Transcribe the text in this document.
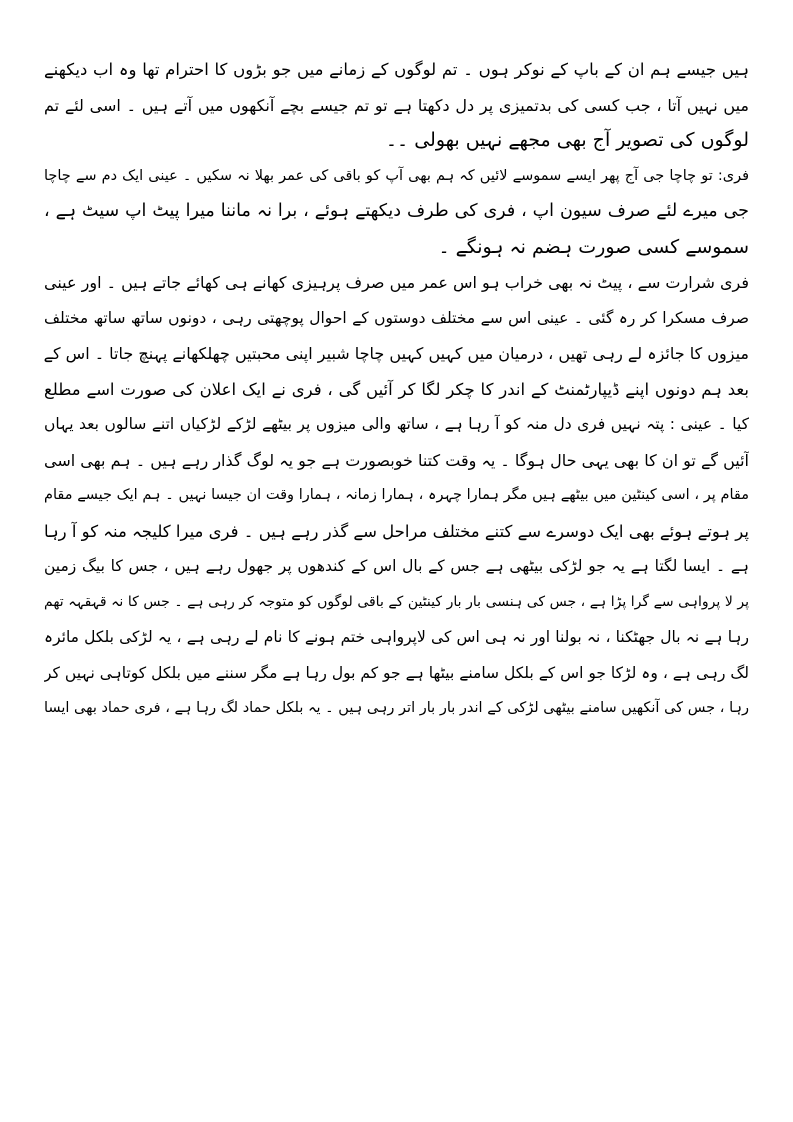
ہیں جیسے ہم ان کے باپ کے نوکر ہوں ۔ تم لوگوں کے زمانے میں جو بڑوں کا احترام تھا وہ اب دیکھنے
میں نہیں آتا ، جب کسی کی بدتمیزی پر دل دکھتا ہے تو تم جیسے بچے آنکھوں میں آتے ہیں ۔ اسی لئے تم
لوگوں کی تصویر آج بھی مجھے نہیں بھولی ۔۔
فری: تو چاچا جی آج پھر ایسے سموسے لائیں کہ ہم بھی آپ کو باقی کی عمر بھلا نہ سکیں ۔ عینی ایک دم سے چاچا
جی میرے لئے صرف سیون اپ ، فری کی طرف دیکھتے ہوئے ، برا نہ ماننا میرا پیٹ اپ سیٹ ہے ،
سموسے کسی صورت ہضم نہ ہونگے ۔
فری شرارت سے ، پیٹ نہ بھی خراب ہو اس عمر میں صرف پرہیزی کھانے ہی کھائے جاتے ہیں ۔ اور عینی
صرف مسکرا کر رہ گئی ۔ عینی اس سے مختلف دوستوں کے احوال پوچھتی رہی ، دونوں ساتھ ساتھ مختلف
میزوں کا جائزہ لے رہی تھیں ، درمیان میں کہیں کہیں چاچا شبیر اپنی محبتیں چھلکھانے پہنچ جاتا ۔ اس کے
بعد ہم دونوں اپنے ڈیپارٹمنٹ کے اندر کا چکر لگا کر آئیں گی ، فری نے ایک اعلان کی صورت اسے مطلع
کیا ۔ عینی : پتہ نہیں فری دل منہ کو آ رہا ہے ، ساتھ والی میزوں پر بیٹھے لڑکے لڑکیاں اتنے سالوں بعد یہاں
آئیں گے تو ان کا بھی یہی حال ہوگا ۔ یہ وقت کتنا خوبصورت ہے جو یہ لوگ گذار رہے ہیں ۔ ہم بھی اسی
مقام پر ، اسی کینٹین میں بیٹھے ہیں مگر ہمارا چہرہ ، ہمارا زمانہ ، ہمارا وقت ان جیسا نہیں ۔ ہم ایک جیسے مقام
پر ہوتے ہوئے بھی ایک دوسرے سے کتنے مختلف مراحل سے گذر رہے ہیں ۔ فری میرا کلیجہ منہ کو آ رہا
ہے ۔ ایسا لگتا ہے یہ جو لڑکی بیٹھی ہے جس کے بال اس کے کندھوں پر جھول رہے ہیں ، جس کا بیگ زمین
پر لا پرواہی سے گرا پڑا ہے ، جس کی ہنسی بار بار کینٹین کے باقی لوگوں کو متوجہ کر رہی ہے ۔ جس کا نہ قہقہہ تھم
رہا ہے نہ بال جھٹکنا ، نہ بولنا اور نہ ہی اس کی لاپرواہی ختم ہونے کا نام لے رہی ہے ، یہ لڑکی بلکل مائرہ
لگ رہی ہے ، وہ لڑکا جو اس کے بلکل سامنے بیٹھا ہے جو کم بول رہا ہے مگر سننے میں بلکل کوتاہی نہیں کر
رہا ، جس کی آنکھیں سامنے بیٹھی لڑکی کے اندر بار بار اتر رہی ہیں ۔ یہ بلکل حماد لگ رہا ہے ، فری حماد بھی ایسا
